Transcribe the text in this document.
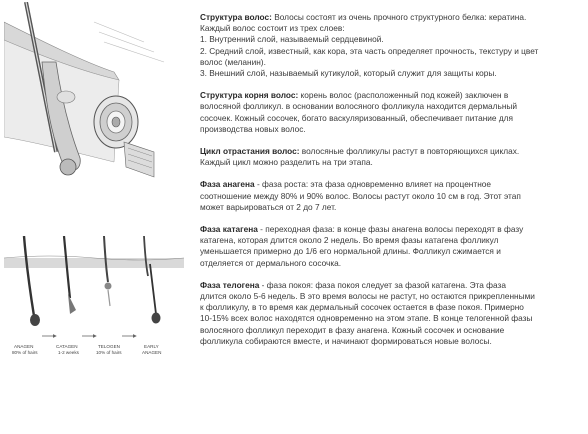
ANAGEN
80% of hairs
CATAGEN
1-2 weeks
TELOGEN
10% of hairs
EARLY
ANAGEN

Структура волос: Волосы состоят из очень прочного структурного белка: кератина.
Каждый волос состоит из трех слоев:
1. Внутренний слой, называемый сердцевиной.
2. Средний слой, известный, как кора, эта часть определяет прочность, текстуру и цвет
волос (меланин).
3. Внешний слой, называемый кутикулой, который служит для защиты коры.

Структура корня волос: корень волос (расположенный под кожей) заключен в
волосяной фолликул. в основании волосяного фолликула находится дермальный
сосочек. Кожный сосочек, богато васкуляризованный, обеспечивает питание для
производства новых волос.

Цикл отрастания волос: волосяные фолликулы растут в повторяющихся циклах.
Каждый цикл можно разделить на три этапа.

Фаза анагена - фаза роста: эта фаза одновременно влияет на процентное
соотношение между 80% и 90% волос. Волосы растут около 10 см в год. Этот этап
может варьироваться от 2 до 7 лет.

Фаза катагена - переходная фаза: в конце фазы анагена волосы переходят в фазу
катагена, которая длится около 2 недель. Во время фазы катагена фолликул
уменьшается примерно до 1/6 его нормальной длины. Фолликул сжимается и
отделяется от дермального сосочка.

Фаза телогена - фаза покоя: фаза покоя следует за фазой катагена. Эта фаза
длится около 5-6 недель. В это время волосы не растут, но остаются прикрепленными
к фолликулу, в то время как дермальный сосочек остается в фазе покоя. Примерно
10-15% всех волос находятся одновременно на этом этапе. В конце телогенной фазы
волосяного фолликул переходит в фазу анагена. Кожный сосочек и основание
фолликула собираются вместе, и начинают формироваться новые волосы.
